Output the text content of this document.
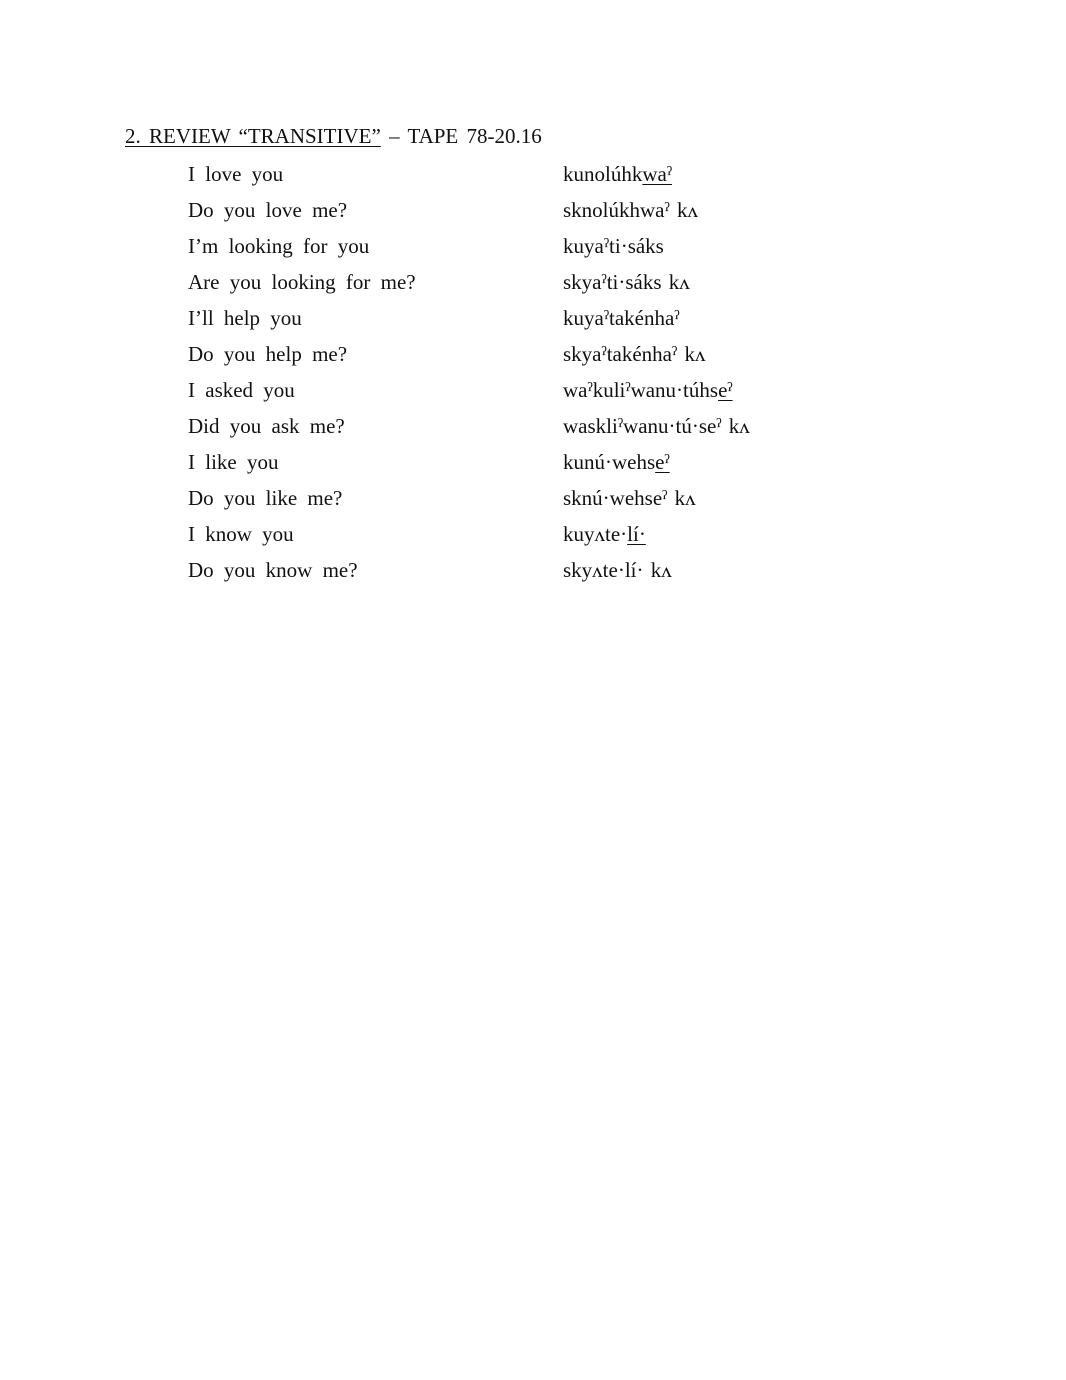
2. REVIEW “TRANSITIVE” – TAPE 78-20.16
I love you	kunolúhkwaˀ
Do you love me?	sknolúkhwaˀ kʌ
I’m looking for you	kuyaˀti·sáks
Are you looking for me?	skyaˀti·sáks kʌ
I’ll help you	kuyaˀtakénhaˀ
Do you help me?	skyaˀtakénhaˀ kʌ
I asked you	waˀkuliˀwanu·túhseˀ
Did you ask me?	waskliˀwanu·tú·seˀ kʌ
I like you	kunú·wehseˀ
Do you like me?	sknú·wehseˀ kʌ
I know you	kuyʌte·lí·
Do you know me?	skyʌte·lí· kʌ
